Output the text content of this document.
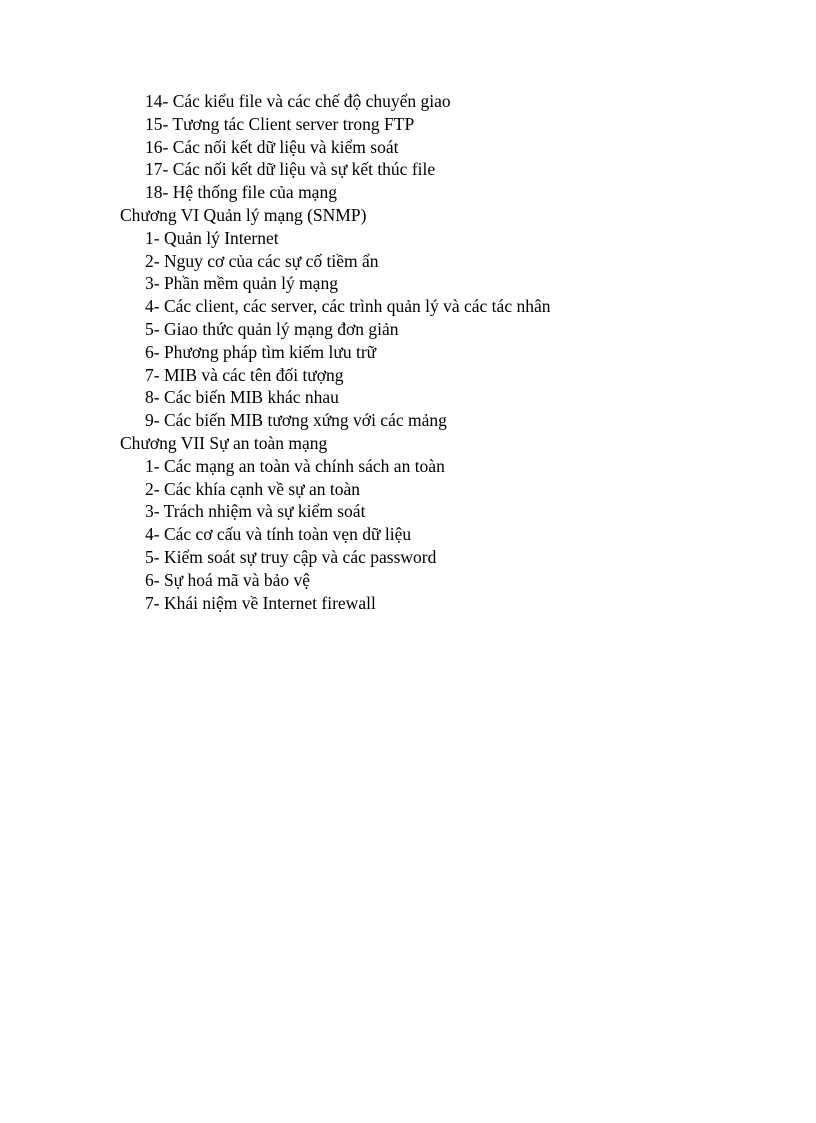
14- Các kiểu file và các chế độ chuyển giao
15- Tương tác Client server trong FTP
16- Các nối kết dữ liệu và kiểm soát
17- Các nối kết dữ liệu và sự kết thúc file
18- Hệ thống file của mạng
Chương VI Quản lý mạng (SNMP)
1- Quản lý Internet
2- Nguy cơ của các sự cố tiềm ẩn
3- Phần mềm quản lý mạng
4- Các client, các server, các trình quản lý và các tác nhân
5- Giao thức quản lý mạng đơn giản
6- Phương pháp tìm kiếm lưu trữ
7- MIB và các tên đối tượng
8- Các biến MIB khác nhau
9- Các biến MIB tương xứng với các mảng
Chương VII Sự an toàn mạng
1- Các mạng an toàn và chính sách an toàn
2- Các khía cạnh về sự an toàn
3- Trách nhiệm và sự kiểm soát
4- Các cơ cấu và tính toàn vẹn dữ liệu
5- Kiểm soát sự truy cập và các password
6- Sự hoá mã và bảo vệ
7- Khái niệm về Internet firewall
